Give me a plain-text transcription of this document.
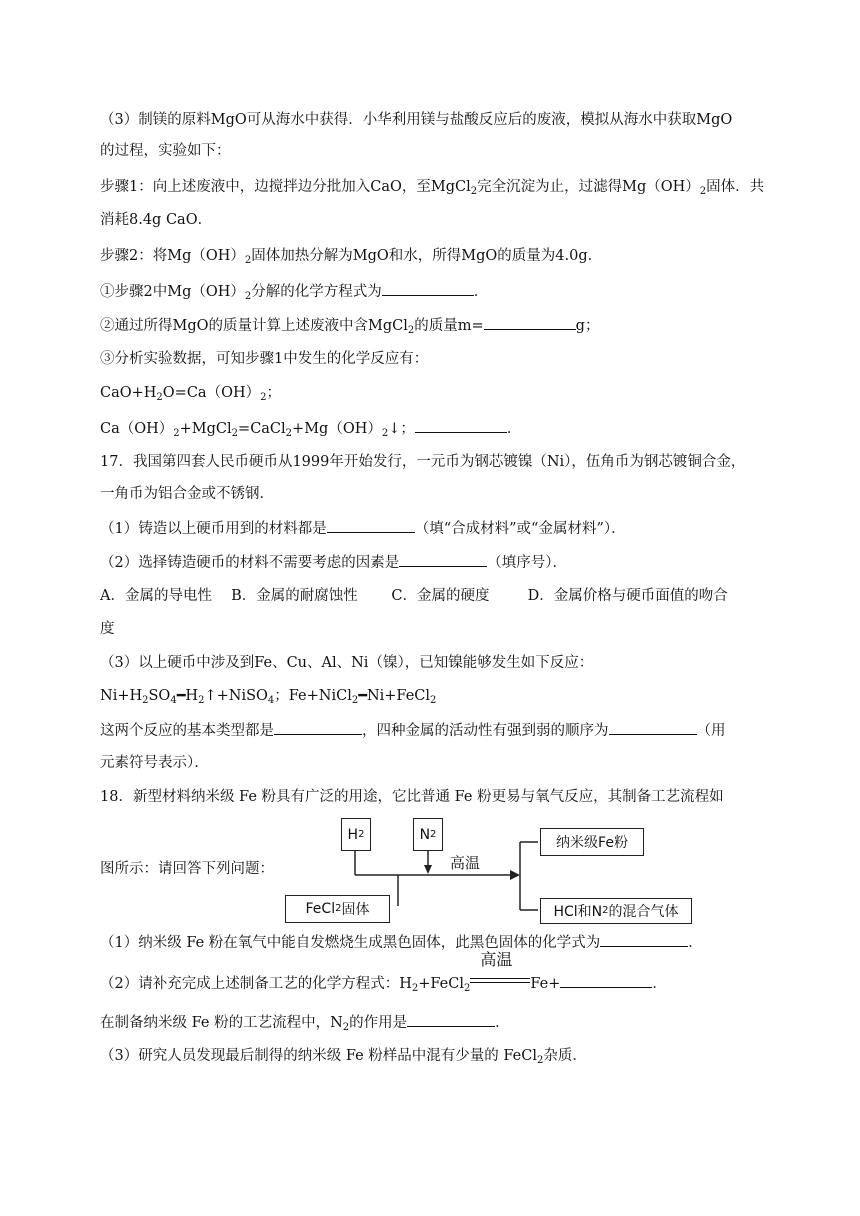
（3）制镁的原料MgO可从海水中获得．小华利用镁与盐酸反应后的废液，模拟从海水中获取MgO
的过程，实验如下：
步骤1：向上述废液中，边搅拌边分批加入CaO，至MgCl$_2$完全沉淀为止，过滤得$Mg(OH)_2$固体．共
消耗8.4g CaO．
步骤2：将$Mg(OH)_2$固体加热分解为MgO和水，所得MgO的质量为4.0g．
①步骤2中$Mg(OH)_2$分解的化学方程式为	．
②通过所得MgO的质量计算上述废液中含MgCl$_2$的质量m=	g；
③分析实验数据，可知步骤1中发生的化学反应有：
$CaO+H_2O=Ca(OH)_2$；
$Ca(OH)_2+MgCl_2=CaCl_2+Mg(OH)_2↓$；	．
17．我国第四套人民币硬币从1999年开始发行，一元币为钢芯镀镍（Ni），伍角币为钢芯镀铜合金，
一角币为铝合金或不锈钢．
（1）铸造以上硬币用到的材料都是	（填“合成材料”或“金属材料”）．
（2）选择铸造硬币的材料不需要考虑的因素是	（填序号）．
A．金属的导电性　 B．金属的耐腐蚀性　 　C．金属的硬度　 　 D．金属价格与硬币面值的吻合
度
（3）以上硬币中涉及到Fe、Cu、Al、Ni（镍），已知镍能够发生如下反应：
$Ni+H_2SO_4━H_2↑+NiSO_4$；Fe+NiCl$_2$━Ni+FeCl$_2$
这两个反应的基本类型都是	，四种金属的活动性有强到弱的顺序为	（用
元素符号表示）．
18．新型材料纳米级 Fe 粉具有广泛的用途，它比普通 Fe 粉更易与氧气反应，其制备工艺流程如
图所示：请回答下列问题：
H 2	N 2
高温
FeCl 2 固体
纳米级Fe粉
HCl和N 2 的混合气体
（1）纳米级 Fe 粉在氧气中能自发燃烧生成黑色固体，此黑色固体的化学式为	．
（2）请补充完成上述制备工艺的化学方程式：$H_2+FeCl_2$
高温
Fe+	．
在制备纳米级 Fe 粉的工艺流程中，$N_2$的作用是	．
（3）研究人员发现最后制得的纳米级 Fe 粉样品中混有少量的 FeCl$_2$杂质．
